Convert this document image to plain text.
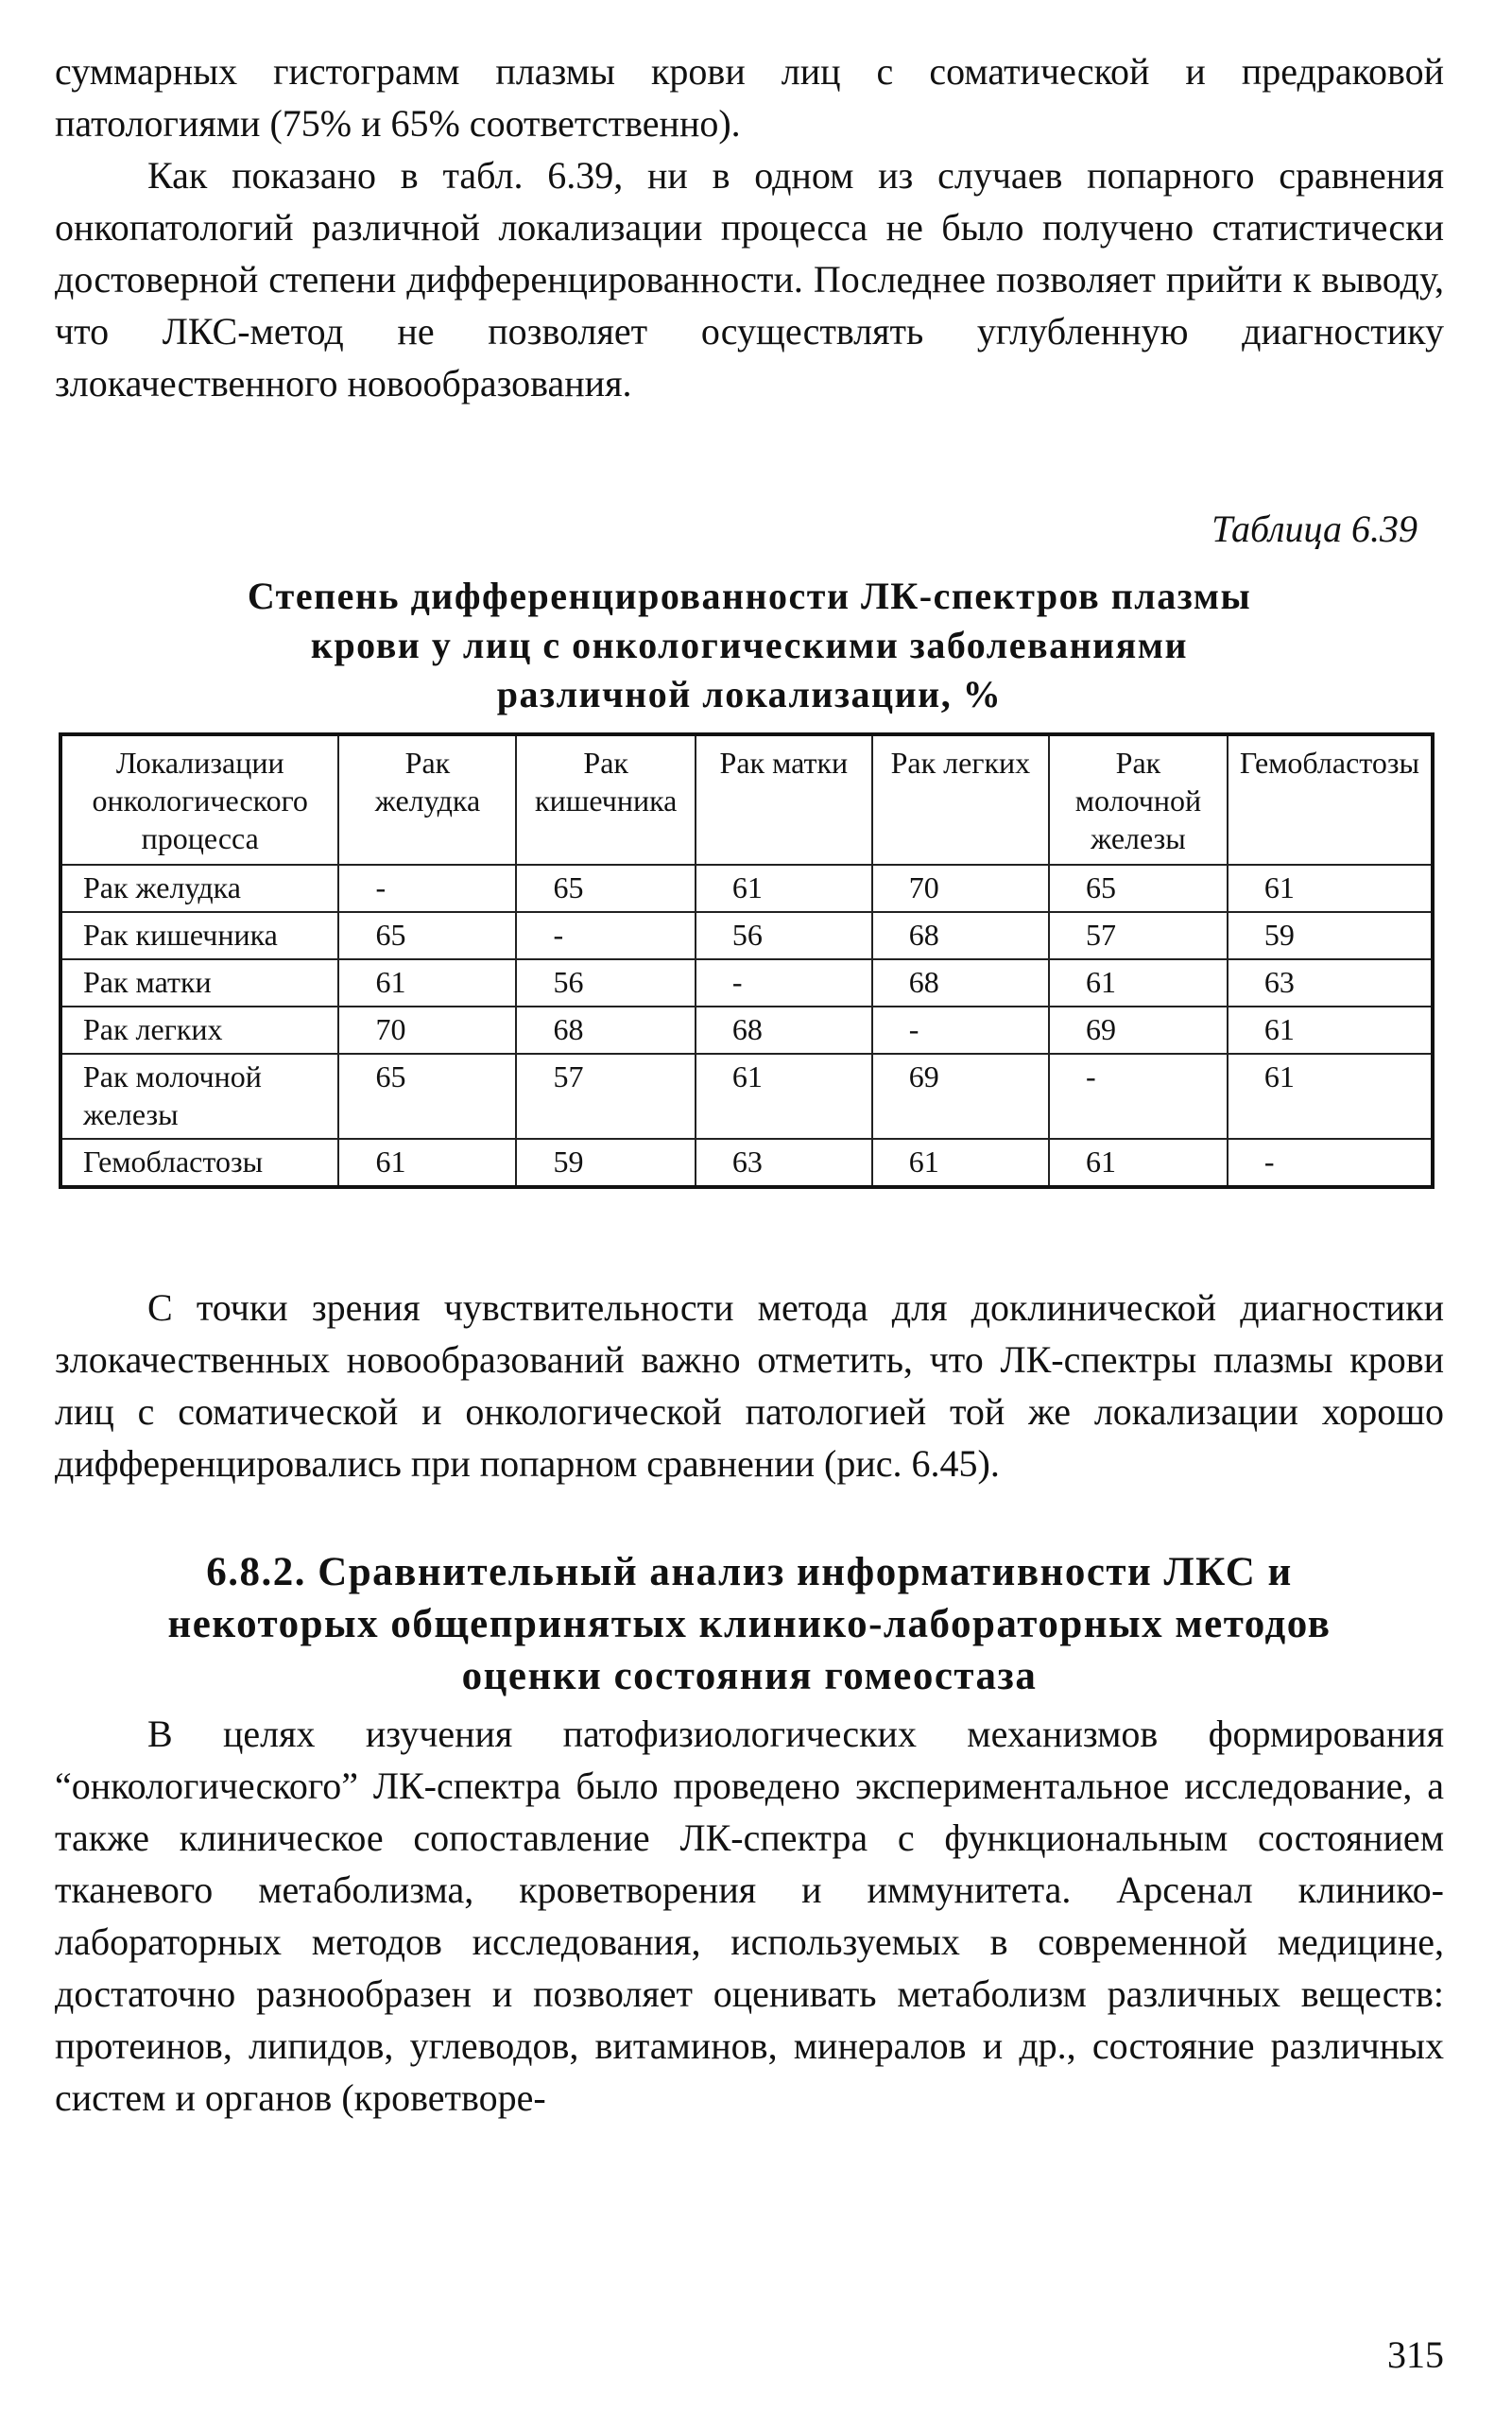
суммарных гистограмм плазмы крови лиц с соматической и предраковой патологиями (75% и 65% соответственно).

Как показано в табл. 6.39, ни в одном из случаев попарного сравнения онкопатологий различной локализации процесса не было получено статистически достоверной степени дифференцированности. Последнее позволяет прийти к выводу, что ЛКС-метод не позволяет осуществлять углубленную диагностику злокачественного новообразования.

Таблица 6.39
Степень дифференцированности ЛК-спектров плазмы
крови у лиц с онкологическими заболеваниями
различной локализации, %
Локализации онкологического процесса	Рак желудка	Рак кишечника	Рак матки	Рак легких	Рак молочной железы	Гемобластозы
Рак желудка	-	65	61	70	65	61
Рак кишечника	65	-	56	68	57	59
Рак матки	61	56	-	68	61	63
Рак легких	70	68	68	-	69	61
Рак молочной железы	65	57	61	69	-	61
Гемобластозы	61	59	63	61	61	-

С точки зрения чувствительности метода для доклинической диагностики злокачественных новообразований важно отметить, что ЛК-спектры плазмы крови лиц с соматической и онкологической патологией той же локализации хорошо дифференцировались при попарном сравнении (рис. 6.45).

6.8.2. Сравнительный анализ информативности ЛКС и
некоторых общепринятых клинико-лабораторных методов
оценки состояния гомеостаза

В целях изучения патофизиологических механизмов формирования “онкологического” ЛК-спектра было проведено экспериментальное исследование, а также клиническое сопоставление ЛК-спектра с функциональным состоянием тканевого метаболизма, кроветворения и иммунитета. Арсенал клинико-лабораторных методов исследования, используемых в современной медицине, достаточно разнообразен и позволяет оценивать метаболизм различных веществ: протеинов, липидов, углеводов, витаминов, минералов и др., состояние различных систем и органов (кроветворе-

315
